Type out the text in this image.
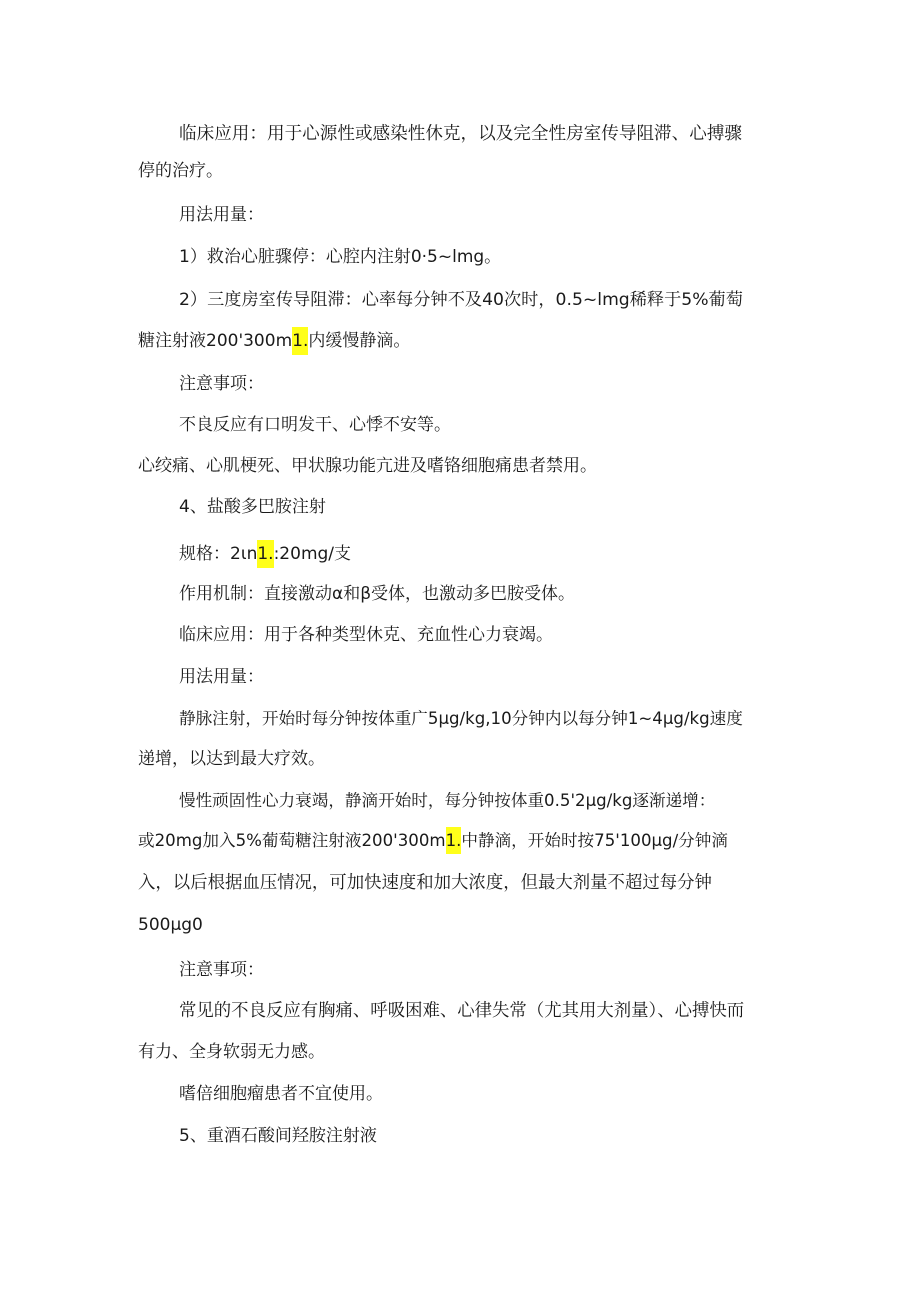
临床应用：用于心源性或感染性休克，以及完全性房室传导阻滞、心搏骤
停的治疗。
用法用量：
1）救治心脏骤停：心腔内注射0·5~lmg。
2）三度房室传导阻滞：心率每分钟不及40次时，0.5~lmg稀释于5%葡萄
糖注射液200'300m1.内缓慢静滴。
注意事项：
不良反应有口明发干、心悸不安等。
心绞痛、心肌梗死、甲状腺功能亢进及嗜铬细胞痛患者禁用。
4、盐酸多巴胺注射
规格：2ιn1.:20mg∕支
作用机制：直接激动α和β受体，也激动多巴胺受体。
临床应用：用于各种类型休克、充血性心力衰竭。
用法用量：
静脉注射，开始时每分钟按体重广5μg∕kg,10分钟内以每分钟1~4μg∕kg速度
递增，以达到最大疗效。
慢性顽固性心力衰竭，静滴开始时，每分钟按体重0.5'2μg/kg逐渐递增：
或20mg加入5%葡萄糖注射液200'300m1.中静滴，开始时按75'100μg∕分钟滴
入，以后根据血压情况，可加快速度和加大浓度，但最大剂量不超过每分钟
500μg0
注意事项：
常见的不良反应有胸痛、呼吸困难、心律失常（尤其用大剂量）、心搏快而
有力、全身软弱无力感。
嗜倍细胞瘤患者不宜使用。
5、重酒石酸间羟胺注射液
